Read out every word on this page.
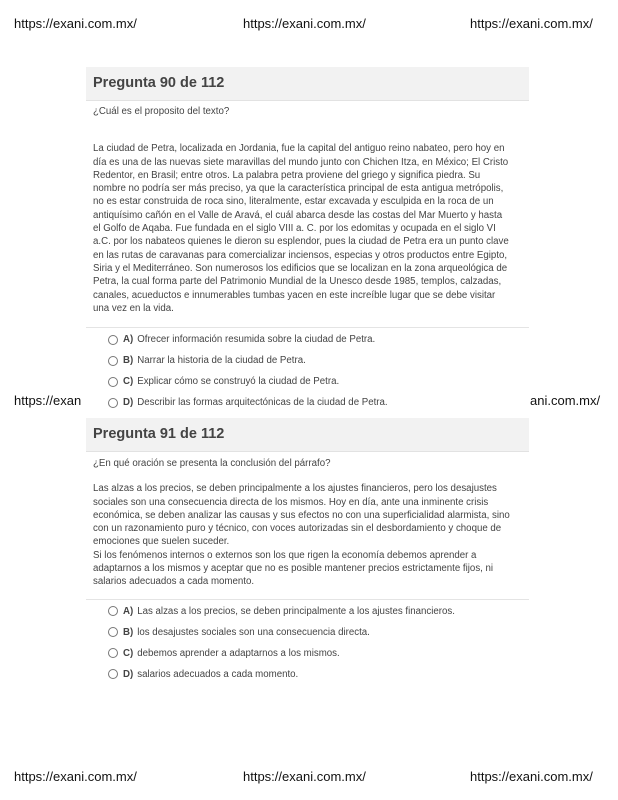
https://exani.com.mx/	https://exani.com.mx/	https://exani.com.mx/
https://exani.com.mx/	https://exani.com.mx/	https://exani.com.mx/
https://exan	ani.com.mx/
Pregunta 90 de 112

¿Cuál es el proposito del texto?

La ciudad de Petra, localizada en Jordania, fue la capital del antiguo reino nabateo, pero hoy en
día es una de las nuevas siete maravillas del mundo junto con Chichen Itza, en México; El Cristo
Redentor, en Brasil; entre otros. La palabra petra proviene del griego y significa piedra. Su
nombre no podría ser más preciso, ya que la característica principal de esta antigua metrópolis,
no es estar construida de roca sino, literalmente, estar excavada y esculpida en la roca de un
antiquísimo cañón en el Valle de Aravá, el cuál abarca desde las costas del Mar Muerto y hasta
el Golfo de Aqaba. Fue fundada en el siglo VIII a. C. por los edomitas y ocupada en el siglo VI
a.C. por los nabateos quienes le dieron su esplendor, pues la ciudad de Petra era un punto clave
en las rutas de caravanas para comercializar inciensos, especias y otros productos entre Egipto,
Siria y el Mediterráneo. Son numerosos los edificios que se localizan en la zona arqueológica de
Petra, la cual forma parte del Patrimonio Mundial de la Unesco desde 1985, templos, calzadas,
canales, acueductos e innumerables tumbas yacen en este increíble lugar que se debe visitar
una vez en la vida.

A) Ofrecer información resumida sobre la ciudad de Petra.
B) Narrar la historia de la ciudad de Petra.
C) Explicar cómo se construyó la ciudad de Petra.
D) Describir las formas arquitectónicas de la ciudad de Petra.
Pregunta 91 de 112

¿En qué oración se presenta la conclusión del párrafo?

Las alzas a los precios, se deben principalmente a los ajustes financieros, pero los desajustes
sociales son una consecuencia directa de los mismos. Hoy en día, ante una inminente crisis
económica, se deben analizar las causas y sus efectos no con una superficialidad alarmista, sino
con un razonamiento puro y técnico, con voces autorizadas sin el desbordamiento y choque de
emociones que suelen suceder.
Si los fenómenos internos o externos son los que rigen la economía debemos aprender a
adaptarnos a los mismos y aceptar que no es posible mantener precios estrictamente fijos, ni
salarios adecuados a cada momento.

A) Las alzas a los precios, se deben principalmente a los ajustes financieros.
B) los desajustes sociales son una consecuencia directa.
C) debemos aprender a adaptarnos a los mismos.
D) salarios adecuados a cada momento.
